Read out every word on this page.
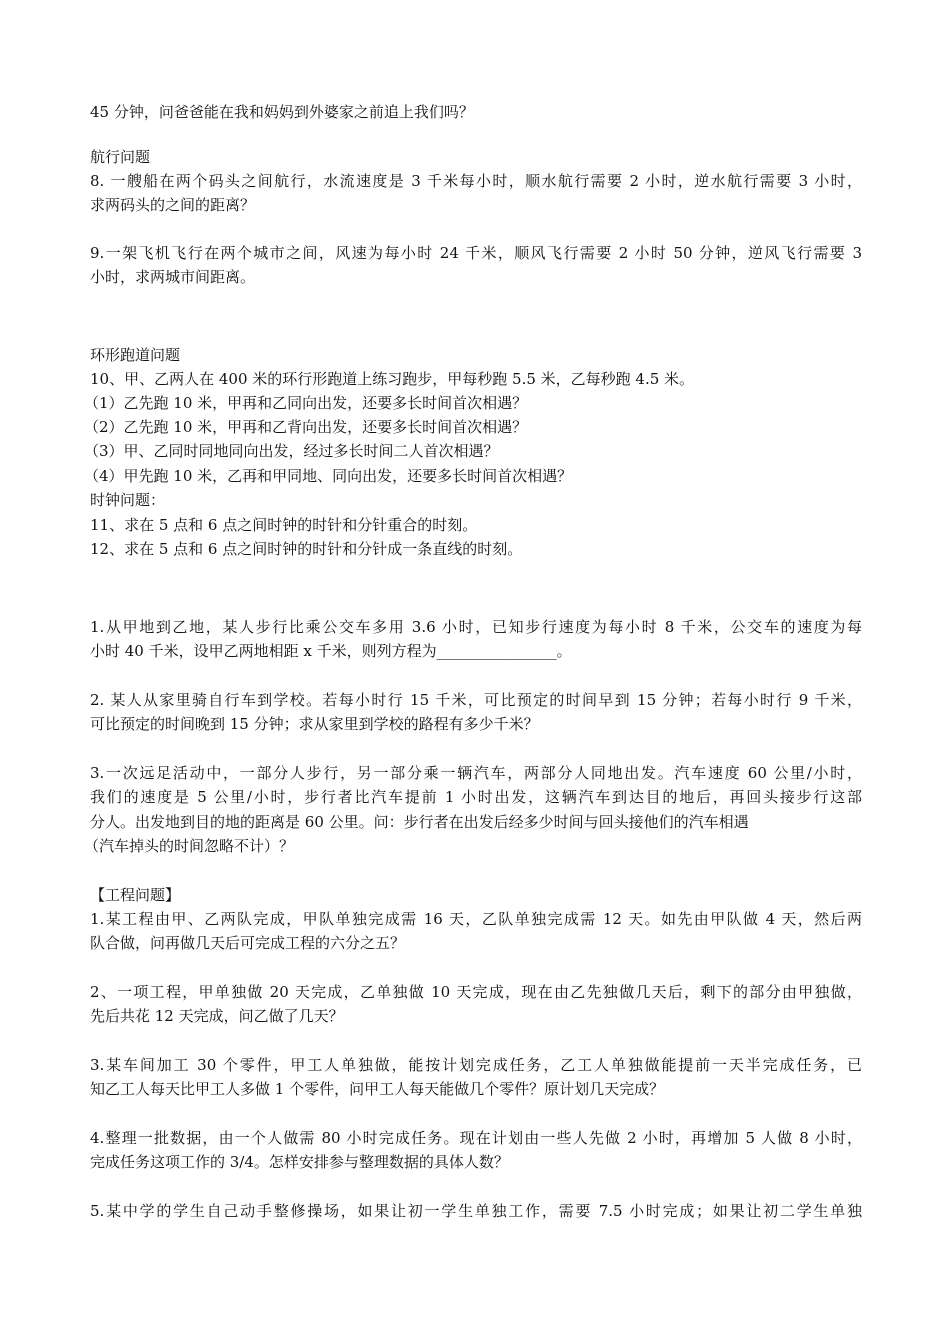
45 分钟，问爸爸能在我和妈妈到外婆家之前追上我们吗？
航行问题
8. 一艘船在两个码头之间航行，水流速度是 3 千米每小时，顺水航行需要 2 小时，逆水航行需要 3 小时，
求两码头的之间的距离？
9.一架飞机飞行在两个城市之间，风速为每小时 24 千米，顺风飞行需要 2 小时 50 分钟，逆风飞行需要 3
小时，求两城市间距离。
环形跑道问题
10、甲、乙两人在 400 米的环行形跑道上练习跑步，甲每秒跑 5.5 米，乙每秒跑 4.5 米。
（1）乙先跑 10 米，甲再和乙同向出发，还要多长时间首次相遇？
（2）乙先跑 10 米，甲再和乙背向出发，还要多长时间首次相遇？
（3）甲、乙同时同地同向出发，经过多长时间二人首次相遇？
（4）甲先跑 10 米，乙再和甲同地、同向出发，还要多长时间首次相遇？
时钟问题：
11、求在 5 点和 6 点之间时钟的时针和分针重合的时刻。
12、求在 5 点和 6 点之间时钟的时针和分针成一条直线的时刻。
1.从甲地到乙地，某人步行比乘公交车多用 3.6 小时，已知步行速度为每小时 8 千米，公交车的速度为每
小时 40 千米，设甲乙两地相距 x 千米，则列方程为________________。
2. 某人从家里骑自行车到学校。若每小时行 15 千米，可比预定的时间早到 15 分钟；若每小时行 9 千米，
可比预定的时间晚到 15 分钟；求从家里到学校的路程有多少千米？
3.一次远足活动中，一部分人步行，另一部分乘一辆汽车，两部分人同地出发。汽车速度 60 公里/小时，
我们的速度是 5 公里/小时，步行者比汽车提前 1 小时出发，这辆汽车到达目的地后，再回头接步行这部
分人。出发地到目的地的距离是 60 公里。问：步行者在出发后经多少时间与回头接他们的汽车相遇
（汽车掉头的时间忽略不计）？
【工程问题】
1.某工程由甲、乙两队完成，甲队单独完成需 16 天，乙队单独完成需 12 天。如先由甲队做 4 天，然后两
队合做，问再做几天后可完成工程的六分之五？
2、一项工程，甲单独做 20 天完成，乙单独做 10 天完成，现在由乙先独做几天后，剩下的部分由甲独做，
先后共花 12 天完成，问乙做了几天？
3.某车间加工 30 个零件，甲工人单独做，能按计划完成任务，乙工人单独做能提前一天半完成任务，已
知乙工人每天比甲工人多做 1 个零件，问甲工人每天能做几个零件？原计划几天完成？
4.整理一批数据，由一个人做需 80 小时完成任务。现在计划由一些人先做 2 小时，再增加 5 人做 8 小时，
完成任务这项工作的 3/4。怎样安排参与整理数据的具体人数？
5.某中学的学生自己动手整修操场，如果让初一学生单独工作，需要 7.5 小时完成；如果让初二学生单独
